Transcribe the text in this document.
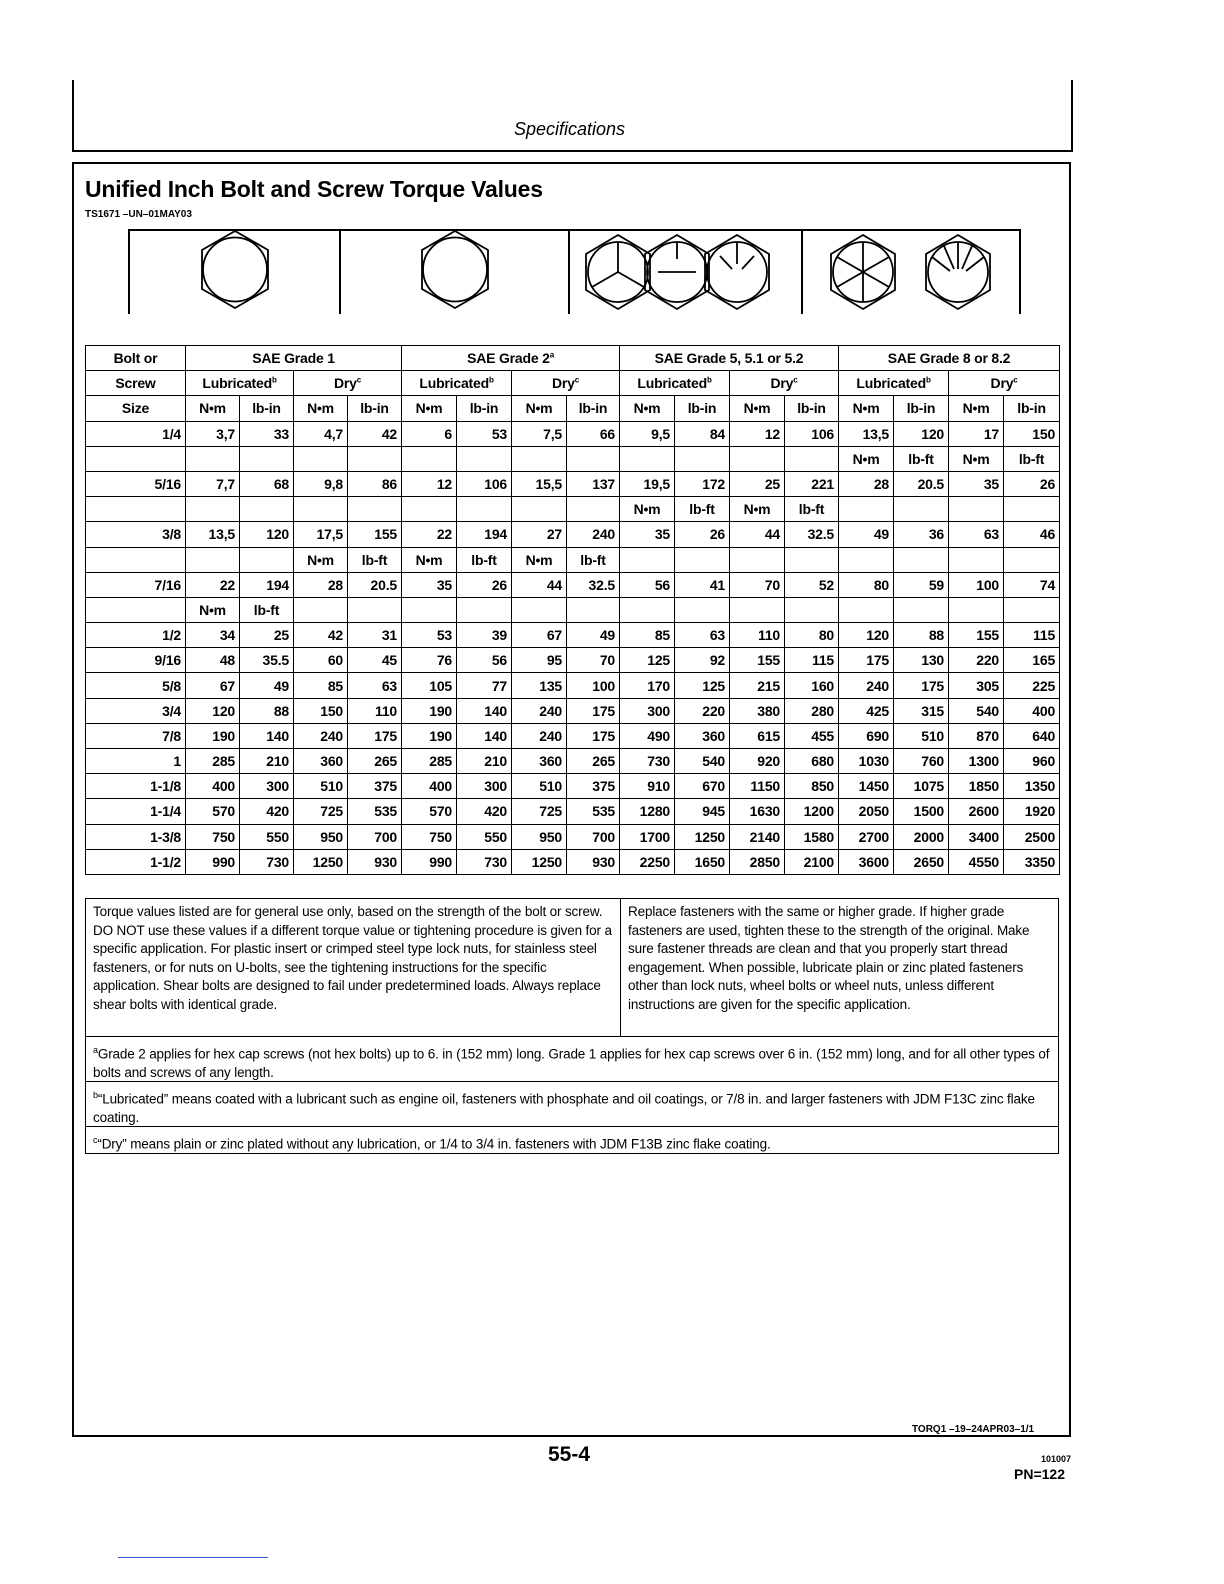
Specifications
Unified Inch Bolt and Screw Torque Values
TS1671 –UN–01MAY03
Bolt or	SAE Grade 1				SAE Grade 2$^a$				SAE Grade 5, 5.1 or 5.2				SAE Grade 8 or 8.2			
Screw	Lubricated$^b$		Dry$^c$		Lubricated$^b$		Dry$^c$		Lubricated$^b$		Dry$^c$		Lubricated$^b$		Dry$^c$
Size	N•m	lb-in	N•m	lb-in	N•m	lb-in	N•m	lb-in	N•m	lb-in	N•m	lb-in	N•m	lb-in	N•m	lb-in
1/4	3,7	33	4,7	42	6	53	7,5	66	9,5	84	12	106	13,5	120	17	150
													N•m	lb-ft	N•m	lb-ft
5/16	7,7	68	9,8	86	12	106	15,5	137	19,5	172	25	221	28	20.5	35	26
									N•m	lb-ft	N•m	lb-ft				
3/8	13,5	120	17,5	155	22	194	27	240	35	26	44	32.5	49	36	63	46
			N•m	lb-ft	N•m	lb-ft	N•m	lb-ft								
7/16	22	194	28	20.5	35	26	44	32.5	56	41	70	52	80	59	100	74
	N•m	lb-ft														
1/2	34	25	42	31	53	39	67	49	85	63	110	80	120	88	155	115
9/16	48	35.5	60	45	76	56	95	70	125	92	155	115	175	130	220	165
5/8	67	49	85	63	105	77	135	100	170	125	215	160	240	175	305	225
3/4	120	88	150	110	190	140	240	175	300	220	380	280	425	315	540	400
7/8	190	140	240	175	190	140	240	175	490	360	615	455	690	510	870	640
1	285	210	360	265	285	210	360	265	730	540	920	680	1030	760	1300	960
1-1/8	400	300	510	375	400	300	510	375	910	670	1150	850	1450	1075	1850	1350
1-1/4	570	420	725	535	570	420	725	535	1280	945	1630	1200	2050	1500	2600	1920
1-3/8	750	550	950	700	750	550	950	700	1700	1250	2140	1580	2700	2000	3400	2500
1-1/2	990	730	1250	930	990	730	1250	930	2250	1650	2850	2100	3600	2650	4550	3350
Torque values listed are for general use only, based on the strength of the bolt or screw. DO NOT use these values if a different torque value or tightening procedure is given for a specific application. For plastic insert or crimped steel type lock nuts, for stainless steel fasteners, or for nuts on U-bolts, see the tightening instructions for the specific application. Shear bolts are designed to fail under predetermined loads. Always replace shear bolts with identical grade.
Replace fasteners with the same or higher grade. If higher grade fasteners are used, tighten these to the strength of the original. Make sure fastener threads are clean and that you properly start thread engagement. When possible, lubricate plain or zinc plated fasteners other than lock nuts, wheel bolts or wheel nuts, unless different instructions are given for the specific application.
$^a$Grade 2 applies for hex cap screws (not hex bolts) up to 6. in (152 mm) long. Grade 1 applies for hex cap screws over 6 in. (152 mm) long, and for all other types of bolts and screws of any length.
$^b$“Lubricated” means coated with a lubricant such as engine oil, fasteners with phosphate and oil coatings, or 7/8 in. and larger fasteners with JDM F13C zinc flake coating.
$^c$“Dry” means plain or zinc plated without any lubrication, or 1/4 to 3/4 in. fasteners with JDM F13B zinc flake coating.
TORQ1 –19–24APR03–1/1
55-4	101007
PN=122
